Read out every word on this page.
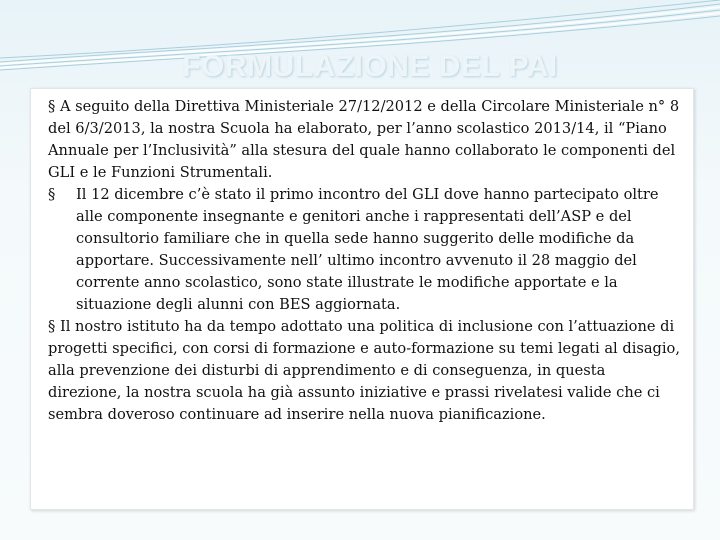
FORMULAZIONE DEL PAI

§ A seguito della Direttiva Ministeriale 27/12/2012 e della Circolare Ministeriale n° 8 del 6/3/2013, la nostra Scuola ha elaborato, per l’anno scolastico 2013/14, il “Piano Annuale per l’Inclusività” alla stesura del quale hanno collaborato le componenti del GLI e le Funzioni Strumentali.

§ Il 12 dicembre c’è stato il primo incontro del GLI dove hanno partecipato oltre alle componente insegnante e genitori anche i rappresentati dell’ASP e del consultorio familiare che in quella sede hanno suggerito delle modifiche da apportare. Successivamente nell’ ultimo incontro avvenuto il 28 maggio del corrente anno scolastico, sono state illustrate le modifiche apportate e la situazione degli alunni con BES aggiornata.

§ Il nostro istituto ha da tempo adottato una politica di inclusione con l’attuazione di progetti specifici, con corsi di formazione e auto-formazione su temi legati al disagio, alla prevenzione dei disturbi di apprendimento e di conseguenza, in questa direzione, la nostra scuola ha già assunto iniziative e prassi rivelatesi valide che ci sembra doveroso continuare ad inserire nella nuova pianificazione.
